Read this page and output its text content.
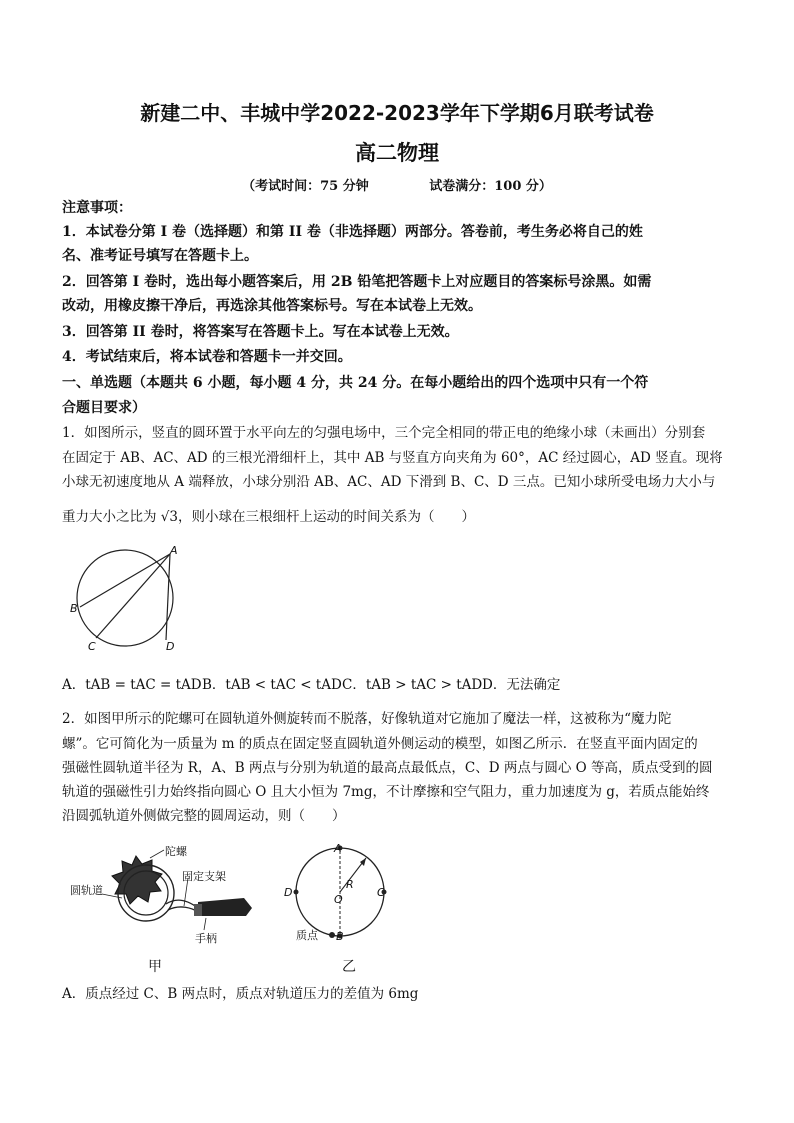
新建二中、丰城中学2022-2023学年下学期6月联考试卷
高二物理
（考试时间：75 分钟	试卷满分：100 分）
注意事项：
1．本试卷分第 I 卷（选择题）和第 II 卷（非选择题）两部分。答卷前，考生务必将自己的姓
名、准考证号填写在答题卡上。
2．回答第 I 卷时，选出每小题答案后，用 2B 铅笔把答题卡上对应题目的答案标号涂黑。如需
改动，用橡皮擦干净后，再选涂其他答案标号。写在本试卷上无效。
3．回答第 II 卷时，将答案写在答题卡上。写在本试卷上无效。
4．考试结束后，将本试卷和答题卡一并交回。
一、单选题（本题共 6 小题，每小题 4 分，共 24 分。在每小题给出的四个选项中只有一个符
合题目要求）
1．如图所示，竖直的圆环置于水平向左的匀强电场中，三个完全相同的带正电的绝缘小球（未画出）分别套
在固定于 AB、AC、AD 的三根光滑细杆上，其中 AB 与竖直方向夹角为 60°，AC 经过圆心，AD 竖直。现将
小球无初速度地从 A 端释放，小球分别沿 AB、AC、AD 下滑到 B、C、D 三点。已知小球所受电场力大小与
重力大小之比为 √3，则小球在三根细杆上运动的时间关系为（　　）
A
B
C	D
A．tAB = tAC = tAD B．tAB < tAC < tAD C．tAB > tAC > tAD D．无法确定
2．如图甲所示的陀螺可在圆轨道外侧旋转而不脱落，好像轨道对它施加了魔法一样，这被称为“魔力陀
螺”。它可简化为一质量为 m 的质点在固定竖直圆轨道外侧运动的模型，如图乙所示．在竖直平面内固定的
强磁性圆轨道半径为 R，A、B 两点与分别为轨道的最高点最低点，C、D 两点与圆心 O 等高，质点受到的圆
轨道的强磁性引力始终指向圆心 O 且大小恒为 7mg，不计摩擦和空气阻力，重力加速度为 g，若质点能始终
沿圆弧轨道外侧做完整的圆周运动，则（　　）
陀螺
固定支架
圆轨道
手柄
甲
A
B
C
D
R
O
质点
乙
A．质点经过 C、B 两点时，质点对轨道压力的差值为 6mg
